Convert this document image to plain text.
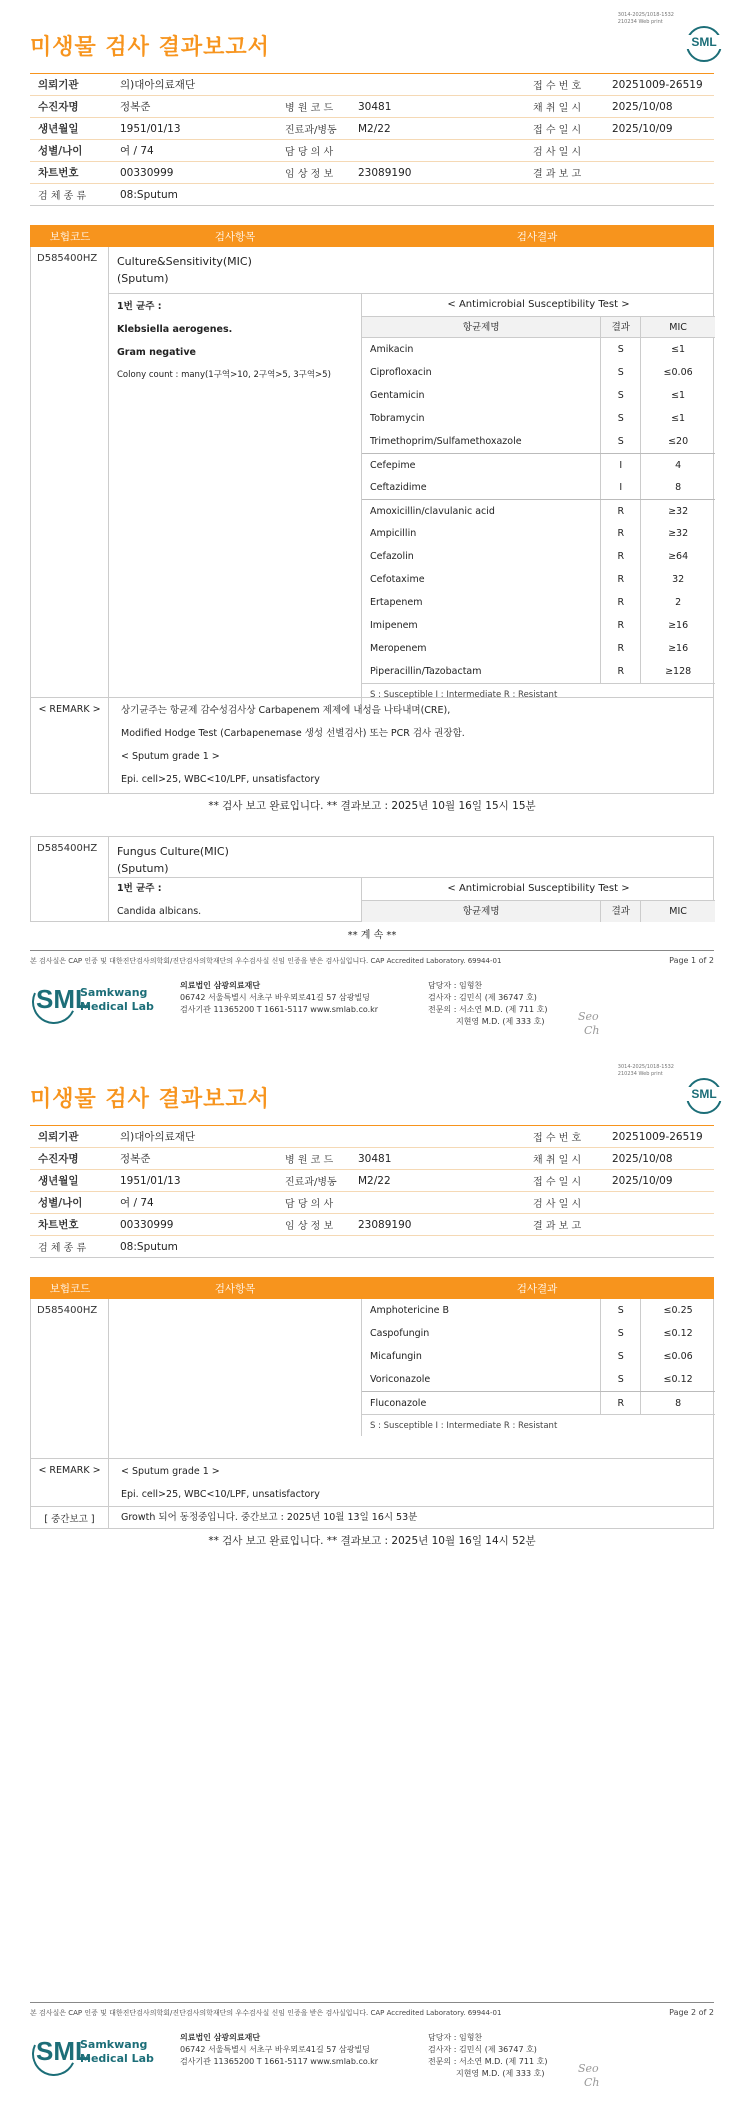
3014-2025/1018-1532
210234 Web print
미생물 검사 결과보고서	SML
의뢰기관	의)대아의료재단	접 수 번 호	20251009-26519
수진자명	정복준	병 원 코 드	30481	채 취 일 시	2025/10/08
생년월일	1951/01/13	진료과/병동	M2/22	접 수 일 시	2025/10/09
성별/나이	여 / 74	담 당 의 사	검 사 일 시
차트번호	00330999	임 상 정 보	23089190	결 과 보 고
검 체 종 류	08:Sputum
보험코드	검사항목	검사결과
D585400HZ	Culture&Sensitivity(MIC)
(Sputum)
1번 균주 :
Klebsiella aerogenes.
Gram negative
Colony count : many(1구역>10, 2구역>5, 3구역>5)
< Antimicrobial Susceptibility Test >
항균제명	결과	MIC
Amikacin	S	≤1
Ciprofloxacin	S	≤0.06
Gentamicin	S	≤1
Tobramycin	S	≤1
Trimethoprim/Sulfamethoxazole	S	≤20
Cefepime	I	4
Ceftazidime	I	8
Amoxicillin/clavulanic acid	R	≥32
Ampicillin	R	≥32
Cefazolin	R	≥64
Cefotaxime	R	32
Ertapenem	R	2
Imipenem	R	≥16
Meropenem	R	≥16
Piperacillin/Tazobactam	R	≥128
S : Susceptible I : Intermediate R : Resistant
< REMARK >	상기균주는 항균제 감수성검사상 Carbapenem 제제에 내성을 나타내며(CRE),
Modified Hodge Test (Carbapenemase 생성 선별검사) 또는 PCR 검사 권장함.
< Sputum grade 1 >
Epi. cell>25, WBC<10/LPF, unsatisfactory
** 검사 보고 완료입니다. ** 결과보고 : 2025년 10월 16일 15시 15분
D585400HZ	Fungus Culture(MIC)
(Sputum)
1번 균주 :
Candida albicans.
< Antimicrobial Susceptibility Test >
항균제명	결과	MIC
** 계 속 **
본 검사실은 CAP 인증 및 대한진단검사의학회/진단검사의학재단의 우수검사실 신임 인증을 받은 검사실입니다. CAP Accredited Laboratory. 69944-01	Page 1 of 2
SML
Samkwang
Medical Lab
의료법인 삼광의료재단
06742 서울특별시 서초구 바우뫼로41길 57 삼광빌딩
검사기관 11365200 T 1661-5117 www.smlab.co.kr
담당자 : 임형찬
검사자 : 김민식 (제 36747 호)
전문의 : 서소연 M.D. (제 711 호)
지현영 M.D. (제 333 호)	Seo
Ch
3014-2025/1018-1532
210234 Web print
미생물 검사 결과보고서	SML
의뢰기관	의)대아의료재단	접 수 번 호	20251009-26519
수진자명	정복준	병 원 코 드	30481	채 취 일 시	2025/10/08
생년월일	1951/01/13	진료과/병동	M2/22	접 수 일 시	2025/10/09
성별/나이	여 / 74	담 당 의 사	검 사 일 시
차트번호	00330999	임 상 정 보	23089190	결 과 보 고
검 체 종 류	08:Sputum
보험코드	검사항목	검사결과
D585400HZ	Amphotericine B	S	≤0.25
Caspofungin	S	≤0.12
Micafungin	S	≤0.06
Voriconazole	S	≤0.12
Fluconazole	R	8
S : Susceptible I : Intermediate R : Resistant
< REMARK >	< Sputum grade 1 >
Epi. cell>25, WBC<10/LPF, unsatisfactory
[ 중간보고 ]	Growth 되어 동정중입니다. 중간보고 : 2025년 10월 13일 16시 53분
** 검사 보고 완료입니다. ** 결과보고 : 2025년 10월 16일 14시 52분
본 검사실은 CAP 인증 및 대한진단검사의학회/진단검사의학재단의 우수검사실 신임 인증을 받은 검사실입니다. CAP Accredited Laboratory. 69944-01	Page 2 of 2
SML
Samkwang
Medical Lab
의료법인 삼광의료재단
06742 서울특별시 서초구 바우뫼로41길 57 삼광빌딩
검사기관 11365200 T 1661-5117 www.smlab.co.kr
담당자 : 임형찬
검사자 : 김민식 (제 36747 호)
전문의 : 서소연 M.D. (제 711 호)
지현영 M.D. (제 333 호)	Seo
Ch
